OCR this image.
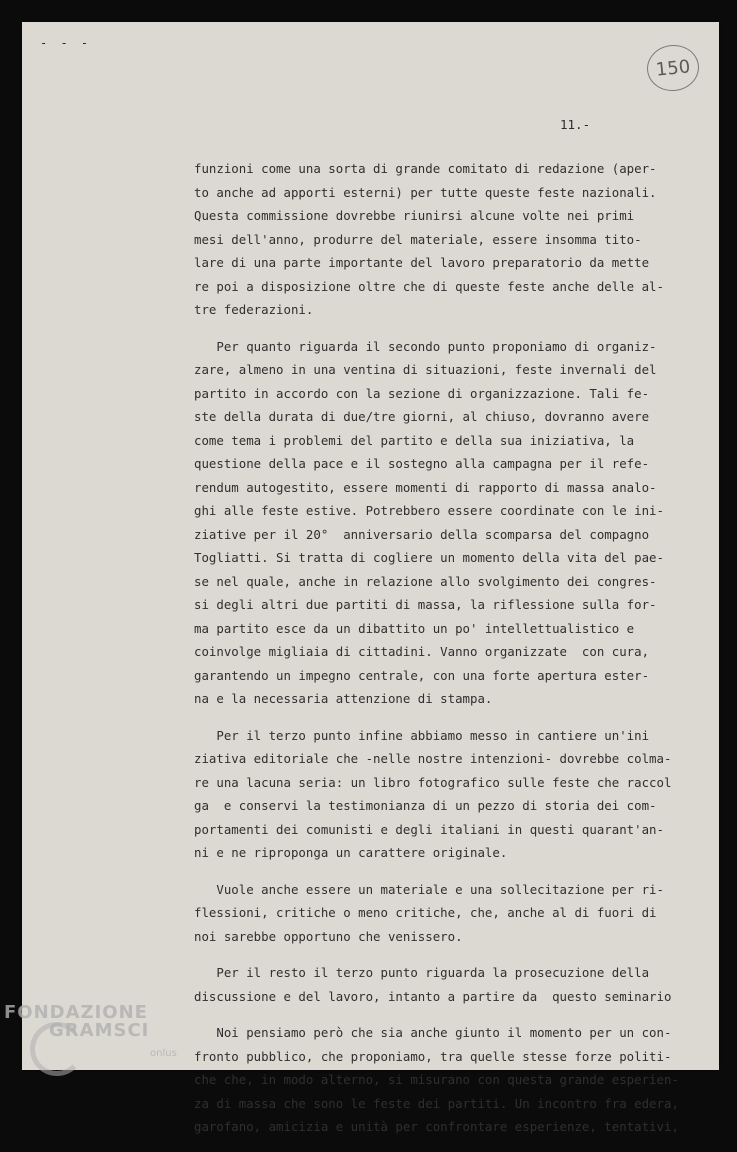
- - -
150
11.-
funzioni come una sorta di grande comitato di redazione (aper-
to anche ad apporti esterni) per tutte queste feste nazionali.
Questa commissione dovrebbe riunirsi alcune volte nei primi
mesi dell'anno, produrre del materiale, essere insomma tito-
lare di una parte importante del lavoro preparatorio da mette
re poi a disposizione oltre che di queste feste anche delle al-
tre federazioni.
Per quanto riguarda il secondo punto proponiamo di organiz-
zare, almeno in una ventina di situazioni, feste invernali del
partito in accordo con la sezione di organizzazione. Tali fe-
ste della durata di due/tre giorni, al chiuso, dovranno avere
come tema i problemi del partito e della sua iniziativa, la
questione della pace e il sostegno alla campagna per il refe-
rendum autogestito, essere momenti di rapporto di massa analo-
ghi alle feste estive. Potrebbero essere coordinate con le ini-
ziative per il 20°  anniversario della scomparsa del compagno
Togliatti. Si tratta di cogliere un momento della vita del pae-
se nel quale, anche in relazione allo svolgimento dei congres-
si degli altri due partiti di massa, la riflessione sulla for-
ma partito esce da un dibattito un po' intellettualistico e
coinvolge migliaia di cittadini. Vanno organizzate  con cura,
garantendo un impegno centrale, con una forte apertura ester-
na e la necessaria attenzione di stampa.
Per il terzo punto infine abbiamo messo in cantiere un'ini
ziativa editoriale che -nelle nostre intenzioni- dovrebbe colma-
re una lacuna seria: un libro fotografico sulle feste che raccol
ga  e conservi la testimonianza di un pezzo di storia dei com-
portamenti dei comunisti e degli italiani in questi quarant'an-
ni e ne riproponga un carattere originale.
Vuole anche essere un materiale e una sollecitazione per ri-
flessioni, critiche o meno critiche, che, anche al di fuori di
noi sarebbe opportuno che venissero.
Per il resto il terzo punto riguarda la prosecuzione della
discussione e del lavoro, intanto a partire da  questo seminario
Noi pensiamo però che sia anche giunto il momento per un con-
fronto pubblico, che proponiamo, tra quelle stesse forze politi-
che che, in modo alterno, si misurano con questa grande esperien-
za di massa che sono le feste dei partiti. Un incontro fra edera,
garofano, amicizia e unità per confrontare esperienze, tentativi,
FONDAZIONE
GRAMSCI
onlus
